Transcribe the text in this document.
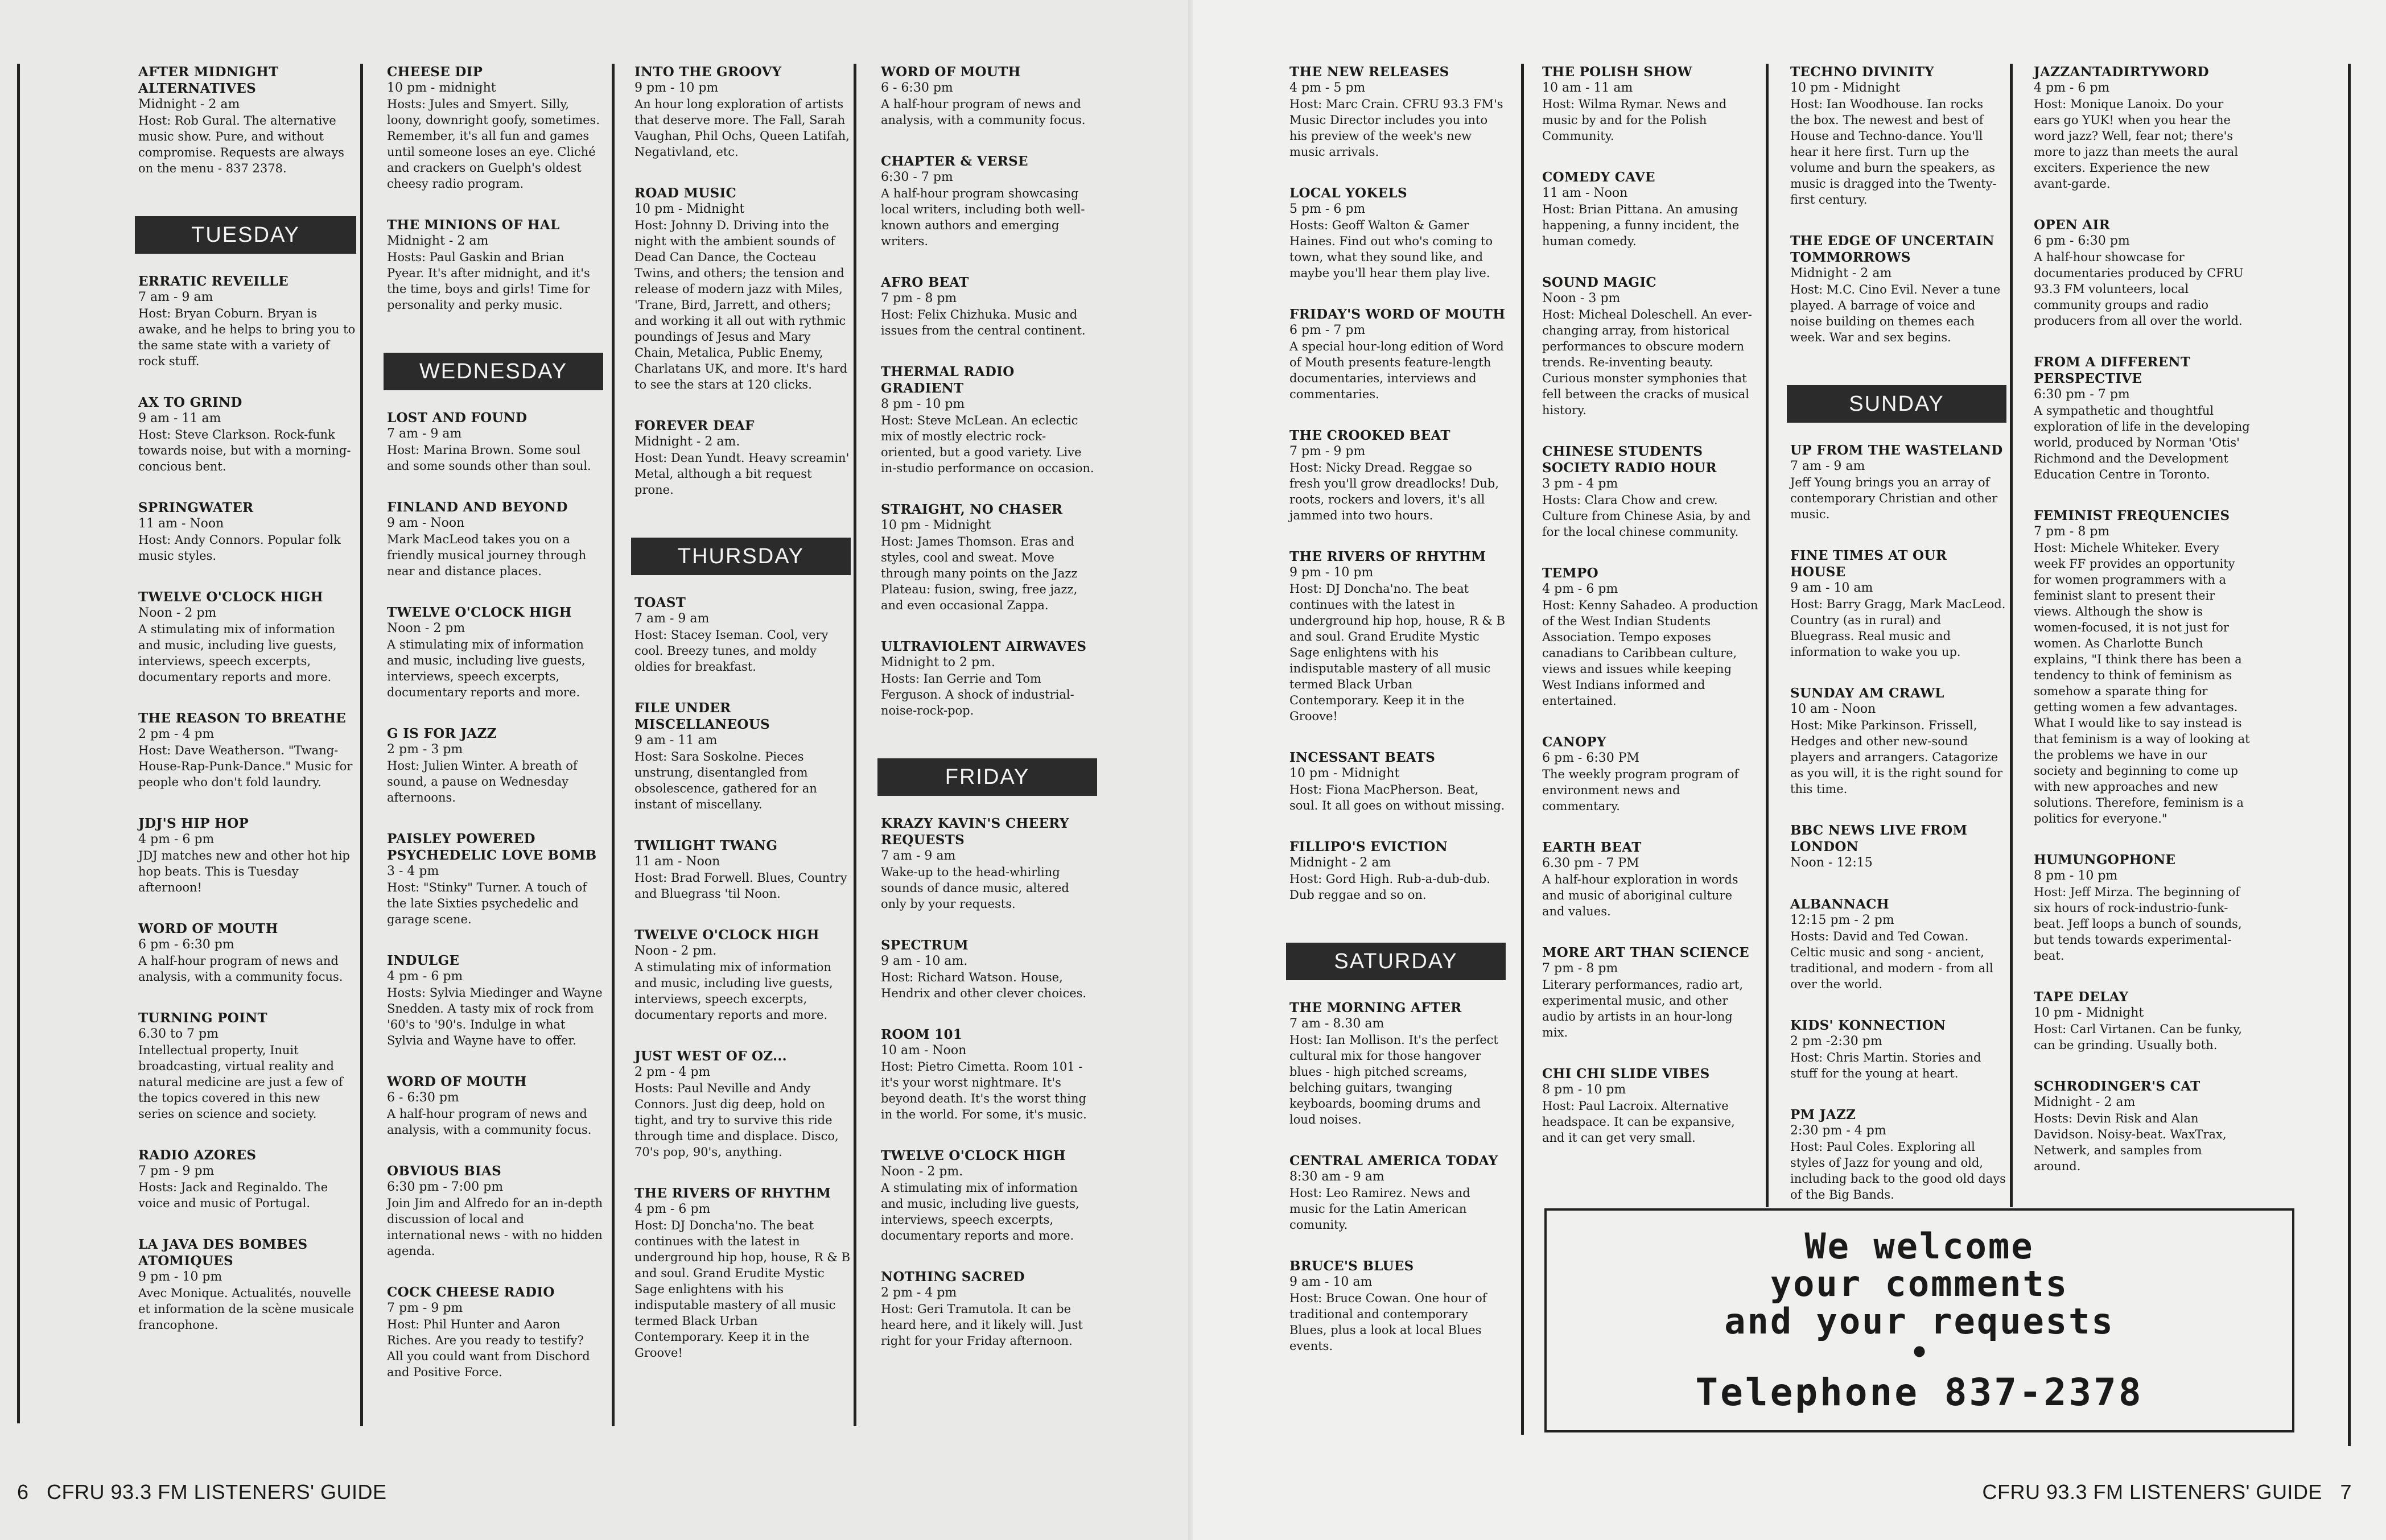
AFTER MIDNIGHT ALTERNATIVES
Midnight - 2 am
Host: Rob Gural. The alternative music show. Pure, and without compromise. Requests are always on the menu - 837 2378.
TUESDAY
ERRATIC REVEILLE
7 am - 9 am
Host: Bryan Coburn. Bryan is awake, and he helps to bring you to the same state with a variety of rock stuff.
AX TO GRIND
9 am - 11 am
Host: Steve Clarkson. Rock-funk towards noise, but with a morning-concious bent.
SPRINGWATER
11 am - Noon
Host: Andy Connors. Popular folk music styles.
TWELVE O'CLOCK HIGH
Noon - 2 pm
A stimulating mix of information and music, including live guests, interviews, speech excerpts, documentary reports and more.
THE REASON TO BREATHE
2 pm - 4 pm
Host: Dave Weatherson. "Twang-House-Rap-Punk-Dance." Music for people who don't fold laundry.
JDJ'S HIP HOP
4 pm - 6 pm
JDJ matches new and other hot hip hop beats. This is Tuesday afternoon!
WORD OF MOUTH
6 pm - 6:30 pm
A half-hour program of news and analysis, with a community focus.
TURNING POINT
6.30 to 7 pm
Intellectual property, Inuit broadcasting, virtual reality and natural medicine are just a few of the topics covered in this new series on science and society.
RADIO AZORES
7 pm - 9 pm
Hosts: Jack and Reginaldo. The voice and music of Portugal.
LA JAVA DES BOMBES ATOMIQUES
9 pm - 10 pm
Avec Monique. Actualités, nouvelle et information de la scène musicale francophone.
CHEESE DIP
10 pm - midnight
Hosts: Jules and Smyert. Silly, loony, downright goofy, sometimes. Remember, it's all fun and games until someone loses an eye. Cliché and crackers on Guelph's oldest cheesy radio program.
THE MINIONS OF HAL
Midnight - 2 am
Hosts: Paul Gaskin and Brian Pyear. It's after midnight, and it's the time, boys and girls! Time for personality and perky music.
WEDNESDAY
LOST AND FOUND
7 am - 9 am
Host: Marina Brown. Some soul and some sounds other than soul.
FINLAND AND BEYOND
9 am - Noon
Mark MacLeod takes you on a friendly musical journey through near and distance places.
TWELVE O'CLOCK HIGH
Noon - 2 pm
A stimulating mix of information and music, including live guests, interviews, speech excerpts, documentary reports and more.
G IS FOR JAZZ
2 pm - 3 pm
Host: Julien Winter. A breath of sound, a pause on Wednesday afternoons.
PAISLEY POWERED PSYCHEDELIC LOVE BOMB
3 - 4 pm
Host: "Stinky" Turner. A touch of the late Sixties psychedelic and garage scene.
INDULGE
4 pm - 6 pm
Hosts: Sylvia Miedinger and Wayne Snedden. A tasty mix of rock from '60's to '90's. Indulge in what Sylvia and Wayne have to offer.
WORD OF MOUTH
6 - 6:30 pm
A half-hour program of news and analysis, with a community focus.
OBVIOUS BIAS
6:30 pm - 7:00 pm
Join Jim and Alfredo for an in-depth discussion of local and international news - with no hidden agenda.
COCK CHEESE RADIO
7 pm - 9 pm
Host: Phil Hunter and Aaron Riches. Are you ready to testify? All you could want from Dischord and Positive Force.
INTO THE GROOVY
9 pm - 10 pm
An hour long exploration of artists that deserve more. The Fall, Sarah Vaughan, Phil Ochs, Queen Latifah, Negativland, etc.
ROAD MUSIC
10 pm - Midnight
Host: Johnny D. Driving into the night with the ambient sounds of Dead Can Dance, the Cocteau Twins, and others; the tension and release of modern jazz with Miles, 'Trane, Bird, Jarrett, and others; and working it all out with rythmic poundings of Jesus and Mary Chain, Metalica, Public Enemy, Charlatans UK, and more. It's hard to see the stars at 120 clicks.
FOREVER DEAF
Midnight - 2 am.
Host: Dean Yundt. Heavy screamin' Metal, although a bit request prone.
THURSDAY
TOAST
7 am - 9 am
Host: Stacey Iseman. Cool, very cool. Breezy tunes, and moldy oldies for breakfast.
FILE UNDER MISCELLANEOUS
9 am - 11 am
Host: Sara Soskolne. Pieces unstrung, disentangled from obsolescence, gathered for an instant of miscellany.
TWILIGHT TWANG
11 am - Noon
Host: Brad Forwell. Blues, Country and Bluegrass 'til Noon.
TWELVE O'CLOCK HIGH
Noon - 2 pm.
A stimulating mix of information and music, including live guests, interviews, speech excerpts, documentary reports and more.
JUST WEST OF OZ...
2 pm - 4 pm
Hosts: Paul Neville and Andy Connors. Just dig deep, hold on tight, and try to survive this ride through time and displace. Disco, 70's pop, 90's, anything.
THE RIVERS OF RHYTHM
4 pm - 6 pm
Host: DJ Doncha'no. The beat continues with the latest in underground hip hop, house, R & B and soul. Grand Erudite Mystic Sage enlightens with his indisputable mastery of all music termed Black Urban Contemporary. Keep it in the Groove!
WORD OF MOUTH
6 - 6:30 pm
A half-hour program of news and analysis, with a community focus.
CHAPTER & VERSE
6:30 - 7 pm
A half-hour program showcasing local writers, including both well-known authors and emerging writers.
AFRO BEAT
7 pm - 8 pm
Host: Felix Chizhuka. Music and issues from the central continent.
THERMAL RADIO GRADIENT
8 pm - 10 pm
Host: Steve McLean. An eclectic mix of mostly electric rock-oriented, but a good variety. Live in-studio performance on occasion.
STRAIGHT, NO CHASER
10 pm - Midnight
Host: James Thomson. Eras and styles, cool and sweat. Move through many points on the Jazz Plateau: fusion, swing, free jazz, and even occasional Zappa.
ULTRAVIOLENT AIRWAVES
Midnight to 2 pm.
Hosts: Ian Gerrie and Tom Ferguson. A shock of industrial-noise-rock-pop.
FRIDAY
KRAZY KAVIN'S CHEERY REQUESTS
7 am - 9 am
Wake-up to the head-whirling sounds of dance music, altered only by your requests.
SPECTRUM
9 am - 10 am.
Host: Richard Watson. House, Hendrix and other clever choices.
ROOM 101
10 am - Noon
Host: Pietro Cimetta. Room 101 - it's your worst nightmare. It's beyond death. It's the worst thing in the world. For some, it's music.
TWELVE O'CLOCK HIGH
Noon - 2 pm.
A stimulating mix of information and music, including live guests, interviews, speech excerpts, documentary reports and more.
NOTHING SACRED
2 pm - 4 pm
Host: Geri Tramutola. It can be heard here, and it likely will. Just right for your Friday afternoon.
6 CFRU 93.3 FM LISTENERS' GUIDE
THE NEW RELEASES
4 pm - 5 pm
Host: Marc Crain. CFRU 93.3 FM's Music Director includes you into his preview of the week's new music arrivals.
LOCAL YOKELS
5 pm - 6 pm
Hosts: Geoff Walton & Gamer Haines. Find out who's coming to town, what they sound like, and maybe you'll hear them play live.
FRIDAY'S WORD OF MOUTH
6 pm - 7 pm
A special hour-long edition of Word of Mouth presents feature-length documentaries, interviews and commentaries.
THE CROOKED BEAT
7 pm - 9 pm
Host: Nicky Dread. Reggae so fresh you'll grow dreadlocks! Dub, roots, rockers and lovers, it's all jammed into two hours.
THE RIVERS OF RHYTHM
9 pm - 10 pm
Host: DJ Doncha'no. The beat continues with the latest in underground hip hop, house, R & B and soul. Grand Erudite Mystic Sage enlightens with his indisputable mastery of all music termed Black Urban Contemporary. Keep it in the Groove!
INCESSANT BEATS
10 pm - Midnight
Host: Fiona MacPherson. Beat, soul. It all goes on without missing.
FILLIPO'S EVICTION
Midnight - 2 am
Host: Gord High. Rub-a-dub-dub. Dub reggae and so on.
SATURDAY
THE MORNING AFTER
7 am - 8.30 am
Host: Ian Mollison. It's the perfect cultural mix for those hangover blues - high pitched screams, belching guitars, twanging keyboards, booming drums and loud noises.
CENTRAL AMERICA TODAY
8:30 am - 9 am
Host: Leo Ramirez. News and music for the Latin American comunity.
BRUCE'S BLUES
9 am - 10 am
Host: Bruce Cowan. One hour of traditional and contemporary Blues, plus a look at local Blues events.
THE POLISH SHOW
10 am - 11 am
Host: Wilma Rymar. News and music by and for the Polish Community.
COMEDY CAVE
11 am - Noon
Host: Brian Pittana. An amusing happening, a funny incident, the human comedy.
SOUND MAGIC
Noon - 3 pm
Host: Micheal Doleschell. An ever-changing array, from historical performances to obscure modern trends. Re-inventing beauty. Curious monster symphonies that fell between the cracks of musical history.
CHINESE STUDENTS SOCIETY RADIO HOUR
3 pm - 4 pm
Hosts: Clara Chow and crew. Culture from Chinese Asia, by and for the local chinese community.
TEMPO
4 pm - 6 pm
Host: Kenny Sahadeo. A production of the West Indian Students Association. Tempo exposes canadians to Caribbean culture, views and issues while keeping West Indians informed and entertained.
CANOPY
6 pm - 6:30 PM
The weekly program program of environment news and commentary.
EARTH BEAT
6.30 pm - 7 PM
A half-hour exploration in words and music of aboriginal culture and values.
MORE ART THAN SCIENCE
7 pm - 8 pm
Literary performances, radio art, experimental music, and other audio by artists in an hour-long mix.
CHI CHI SLIDE VIBES
8 pm - 10 pm
Host: Paul Lacroix. Alternative headspace. It can be expansive, and it can get very small.
TECHNO DIVINITY
10 pm - Midnight
Host: Ian Woodhouse. Ian rocks the box. The newest and best of House and Techno-dance. You'll hear it here first. Turn up the volume and burn the speakers, as music is dragged into the Twenty-first century.
THE EDGE OF UNCERTAIN TOMMORROWS
Midnight - 2 am
Host: M.C. Cino Evil. Never a tune played. A barrage of voice and noise building on themes each week. War and sex begins.
SUNDAY
UP FROM THE WASTELAND
7 am - 9 am
Jeff Young brings you an array of contemporary Christian and other music.
FINE TIMES AT OUR HOUSE
9 am - 10 am
Host: Barry Gragg, Mark MacLeod. Country (as in rural) and Bluegrass. Real music and information to wake you up.
SUNDAY AM CRAWL
10 am - Noon
Host: Mike Parkinson. Frissell, Hedges and other new-sound players and arrangers. Catagorize as you will, it is the right sound for this time.
BBC NEWS LIVE FROM LONDON
Noon - 12:15
ALBANNACH
12:15 pm - 2 pm
Hosts: David and Ted Cowan. Celtic music and song - ancient, traditional, and modern - from all over the world.
KIDS' KONNECTION
2 pm -2:30 pm
Host: Chris Martin. Stories and stuff for the young at heart.
PM JAZZ
2:30 pm - 4 pm
Host: Paul Coles. Exploring all styles of Jazz for young and old, including back to the good old days of the Big Bands.
JAZZANTADIRTYWORD
4 pm - 6 pm
Host: Monique Lanoix. Do your ears go YUK! when you hear the word jazz? Well, fear not; there's more to jazz than meets the aural exciters. Experience the new avant-garde.
OPEN AIR
6 pm - 6:30 pm
A half-hour showcase for documentaries produced by CFRU 93.3 FM volunteers, local community groups and radio producers from all over the world.
FROM A DIFFERENT PERSPECTIVE
6:30 pm - 7 pm
A sympathetic and thoughtful exploration of life in the developing world, produced by Norman 'Otis' Richmond and the Development Education Centre in Toronto.
FEMINIST FREQUENCIES
7 pm - 8 pm
Host: Michele Whiteker. Every week FF provides an opportunity for women programmers with a feminist slant to present their views. Although the show is women-focused, it is not just for women. As Charlotte Bunch explains, "I think there has been a tendency to think of feminism as somehow a sparate thing for getting women a few advantages. What I would like to say instead is that feminism is a way of looking at the problems we have in our society and beginning to come up with new approaches and new solutions. Therefore, feminism is a politics for everyone."
HUMUNGOPHONE
8 pm - 10 pm
Host: Jeff Mirza. The beginning of six hours of rock-industrio-funk-beat. Jeff loops a bunch of sounds, but tends towards experimental-beat.
TAPE DELAY
10 pm - Midnight
Host: Carl Virtanen. Can be funky, can be grinding. Usually both.
SCHRODINGER'S CAT
Midnight - 2 am
Hosts: Devin Risk and Alan Davidson. Noisy-beat. WaxTrax, Netwerk, and samples from around.
CFRU 93.3 FM LISTENERS' GUIDE 7
We welcome
your comments
and your requests
•
Telephone 837-2378
